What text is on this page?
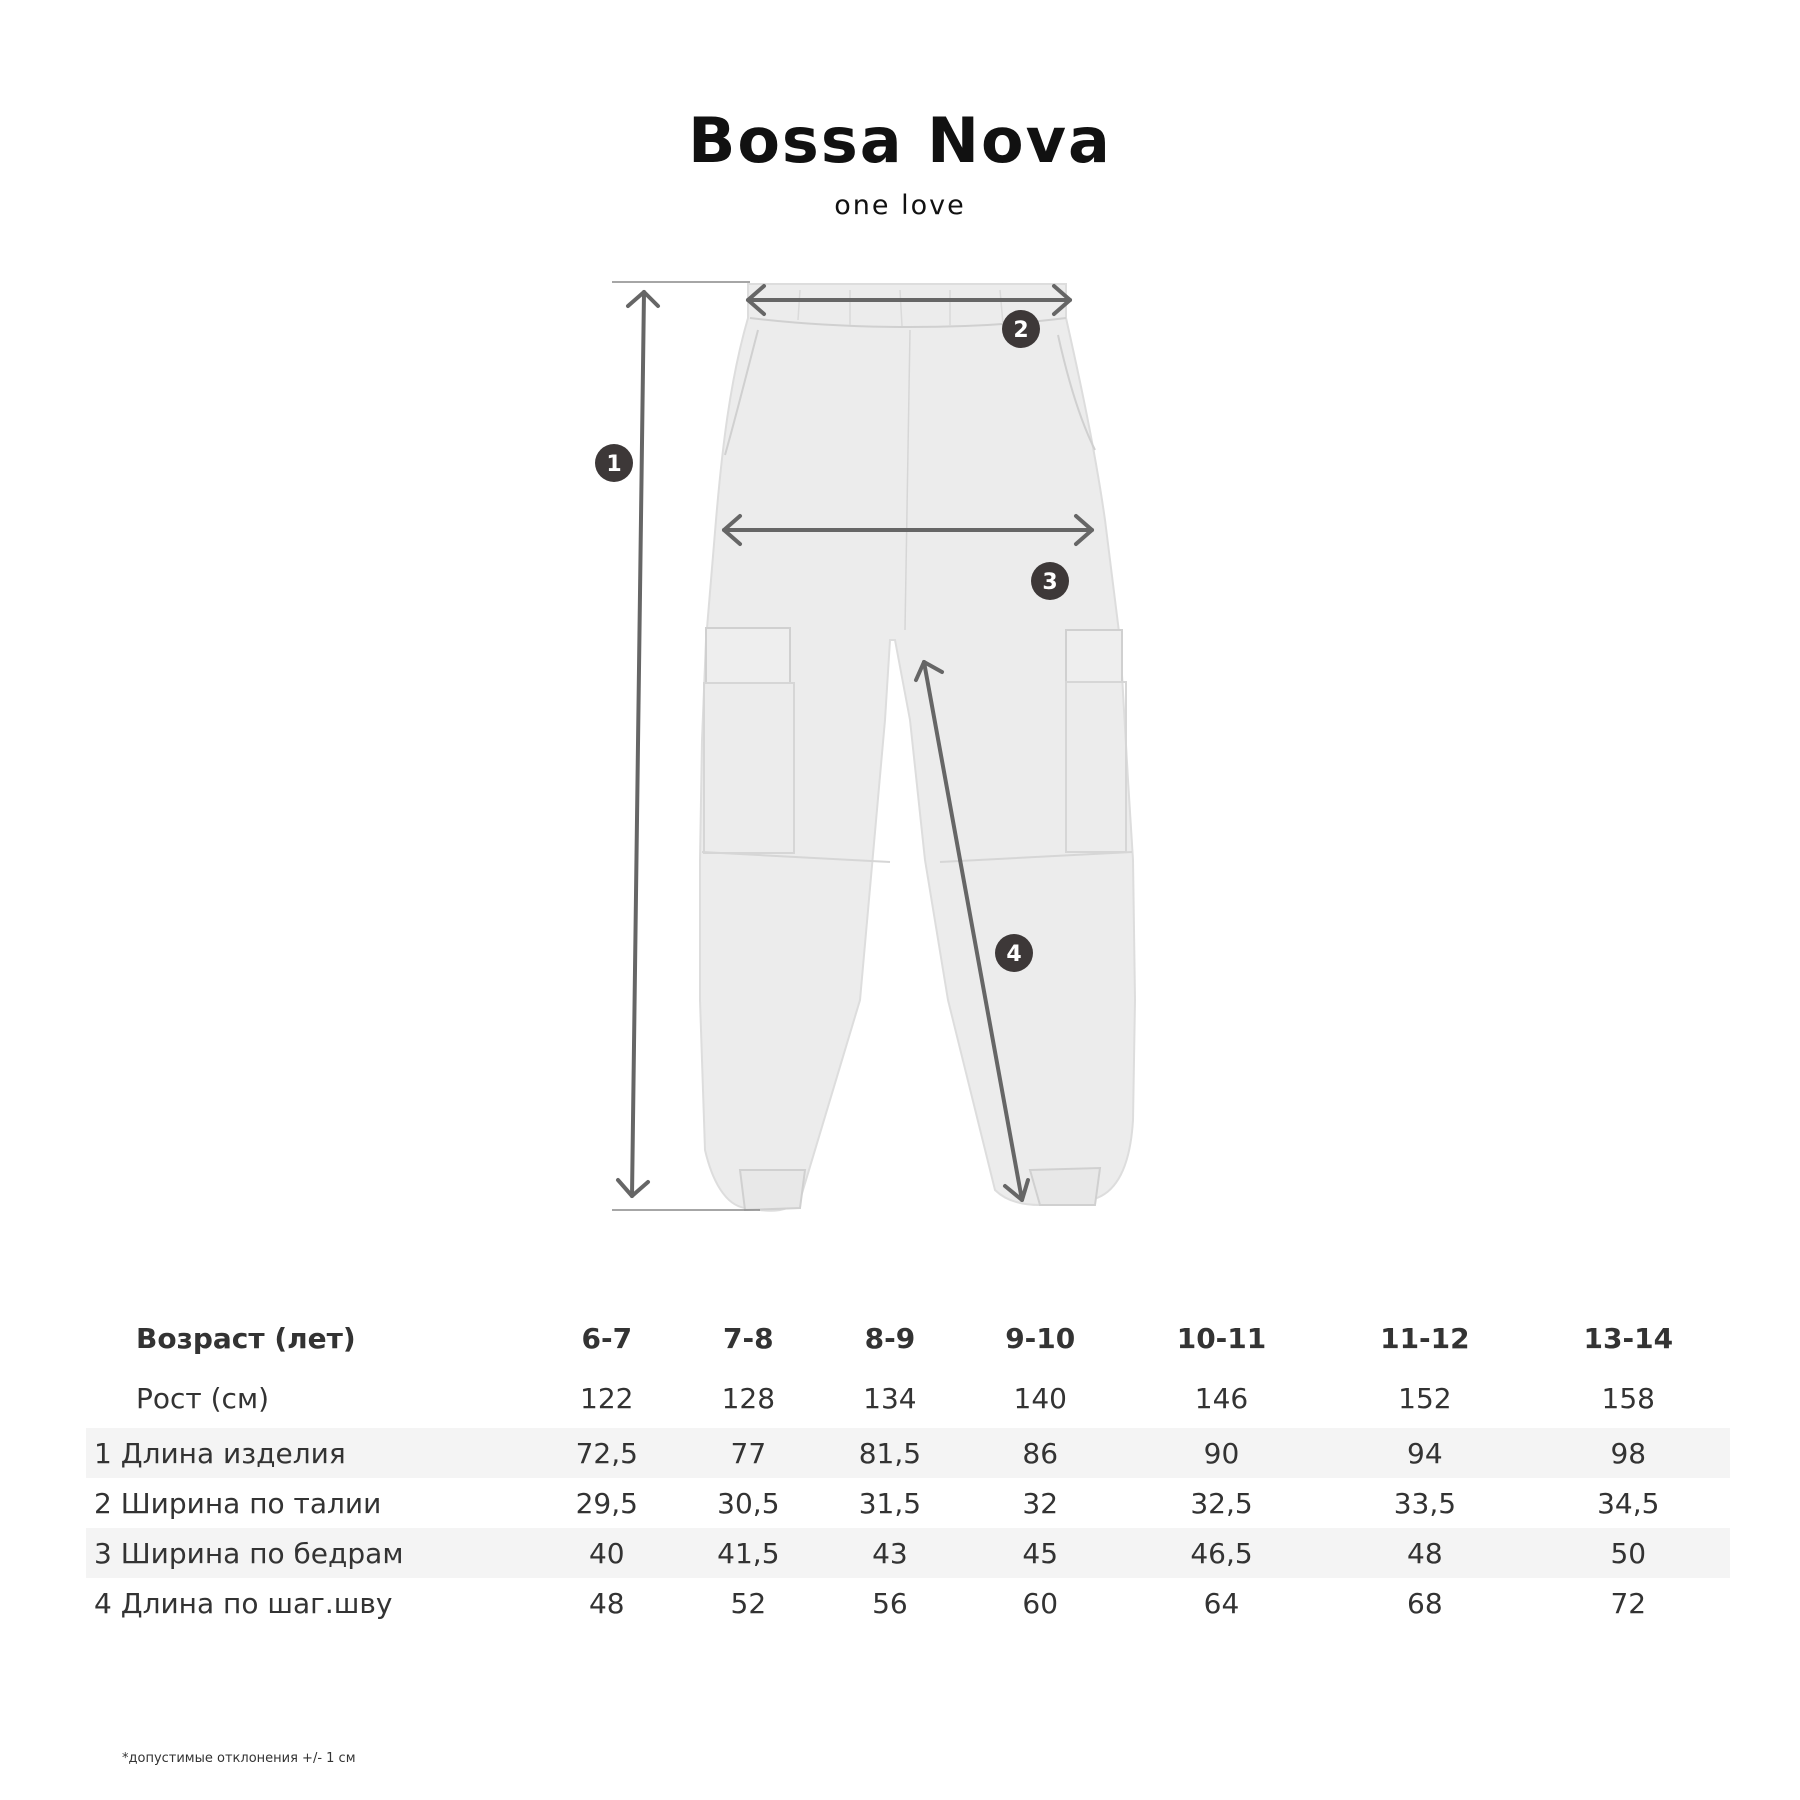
Bossa Nova
one love
1
2
3
4
Возраст (лет)	6-7	7-8	8-9	9-10	10-11	11-12	13-14
Рост (см)	122	128	134	140	146	152	158
1 Длина изделия	72,5	77	81,5	86	90	94	98
2 Ширина по талии	29,5	30,5	31,5	32	32,5	33,5	34,5
3 Ширина по бедрам	40	41,5	43	45	46,5	48	50
4 Длина по шаг.шву	48	52	56	60	64	68	72
*допустимые отклонения +/- 1 см
